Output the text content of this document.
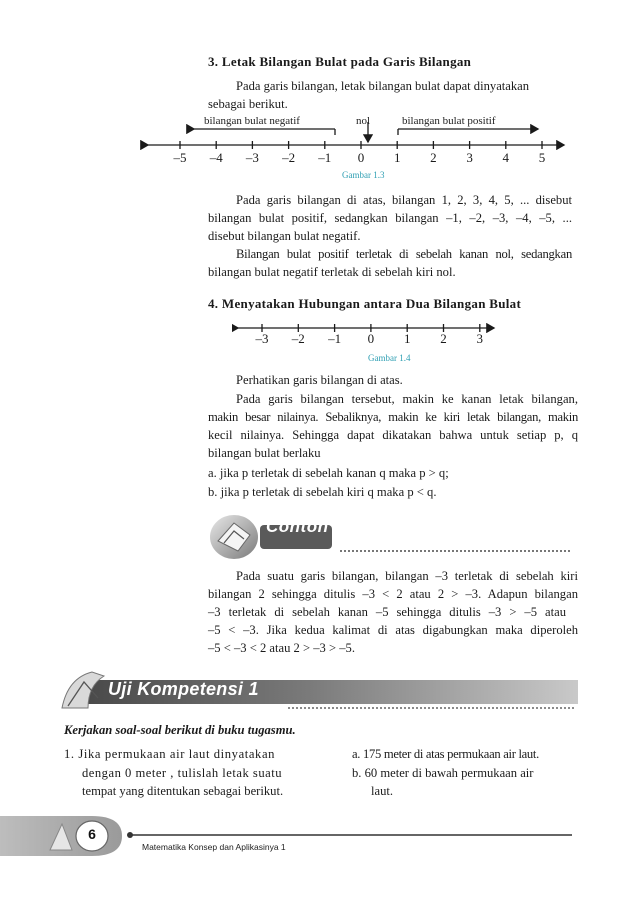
3. Letak Bilangan Bulat pada Garis Bilangan
Pada garis bilangan, letak bilangan bulat dapat dinyatakan
sebagai berikut.
bilangan bulat negatif	nol	bilangan bulat positif
–5	–4	–3	–2	–1	0	1	2	3	4	5
Gambar 1.3
Pada garis bilangan di atas, bilangan 1, 2, 3, 4, 5, ... disebut
bilangan bulat positif, sedangkan bilangan –1, –2, –3, –4, –5, ...
disebut bilangan bulat negatif.
Bilangan bulat positif terletak di sebelah kanan nol, sedangkan
bilangan bulat negatif terletak di sebelah kiri nol.
4. Menyatakan Hubungan antara Dua Bilangan Bulat
–3	–2	–1	0	1	2	3
Gambar 1.4
Perhatikan garis bilangan di atas.
Pada garis bilangan tersebut, makin ke kanan letak bilangan,
makin besar nilainya. Sebaliknya, makin ke kiri letak bilangan, makin
kecil nilainya. Sehingga dapat dikatakan bahwa untuk setiap p, q
bilangan bulat berlaku
a. jika p terletak di sebelah kanan q maka p > q;
b. jika p terletak di sebelah kiri q maka p < q.
Contoh
Pada suatu garis bilangan, bilangan –3 terletak di sebelah kiri
bilangan 2 sehingga ditulis –3 < 2 atau 2 > –3. Adapun bilangan
–3 terletak di sebelah kanan –5 sehingga ditulis –3 > –5 atau
–5 < –3. Jika kedua kalimat di atas digabungkan maka diperoleh
–5 < –3 < 2 atau 2 > –3 > –5.
Uji Kompetensi 1
Kerjakan soal-soal berikut di buku tugasmu.
1. Jika permukaan air laut dinyatakan
dengan 0 meter , tulislah letak suatu
tempat yang ditentukan sebagai berikut.
a. 175 meter di atas permukaan air laut.
b. 60 meter di bawah permukaan air
laut.
6
Matematika Konsep dan Aplikasinya 1
